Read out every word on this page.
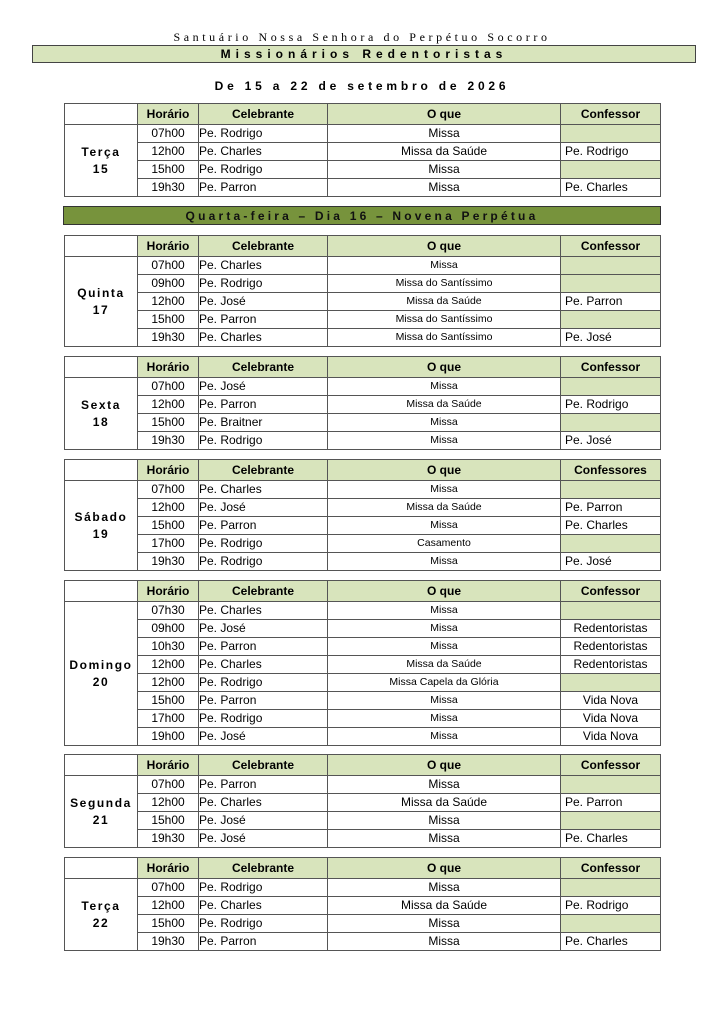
Santuário Nossa Senhora do Perpétuo Socorro
Missionários Redentoristas
De 15 a 22 de setembro de 2026
Quarta-feira – Dia 16 – Novena Perpétua
	Horário	Celebrante	O que	Confessor
Terça
15	07h00	Pe. Rodrigo	Missa	
	12h00	Pe. Charles	Missa da Saúde	Pe. Rodrigo
	15h00	Pe. Rodrigo	Missa	
	19h30	Pe. Parron	Missa	Pe. Charles
	Horário	Celebrante	O que	Confessor
Quinta
17	07h00	Pe. Charles	Missa	
	09h00	Pe. Rodrigo	Missa do Santíssimo	
	12h00	Pe. José	Missa da Saúde	Pe. Parron
	15h00	Pe. Parron	Missa do Santíssimo	
	19h30	Pe. Charles	Missa do Santíssimo	Pe. José
	Horário	Celebrante	O que	Confessor
Sexta
18	07h00	Pe. José	Missa	
	12h00	Pe. Parron	Missa da Saúde	Pe. Rodrigo
	15h00	Pe. Braitner	Missa	
	19h30	Pe. Rodrigo	Missa	Pe. José
	Horário	Celebrante	O que	Confessores
Sábado
19	07h00	Pe. Charles	Missa	
	12h00	Pe. José	Missa da Saúde	Pe. Parron
	15h00	Pe. Parron	Missa	Pe. Charles
	17h00	Pe. Rodrigo	Casamento	
	19h30	Pe. Rodrigo	Missa	Pe. José
	Horário	Celebrante	O que	Confessor
Domingo
20	07h30	Pe. Charles	Missa	
	09h00	Pe. José	Missa	Redentoristas
	10h30	Pe. Parron	Missa	Redentoristas
	12h00	Pe. Charles	Missa da Saúde	Redentoristas
	12h00	Pe. Rodrigo	Missa Capela da Glória	
	15h00	Pe. Parron	Missa	Vida Nova
	17h00	Pe. Rodrigo	Missa	Vida Nova
	19h00	Pe. José	Missa	Vida Nova
	Horário	Celebrante	O que	Confessor
Segunda
21	07h00	Pe. Parron	Missa	
	12h00	Pe. Charles	Missa da Saúde	Pe. Parron
	15h00	Pe. José	Missa	
	19h30	Pe. José	Missa	Pe. Charles
	Horário	Celebrante	O que	Confessor
Terça
22	07h00	Pe. Rodrigo	Missa	
	12h00	Pe. Charles	Missa da Saúde	Pe. Rodrigo
	15h00	Pe. Rodrigo	Missa	
	19h30	Pe. Parron	Missa	Pe. Charles
